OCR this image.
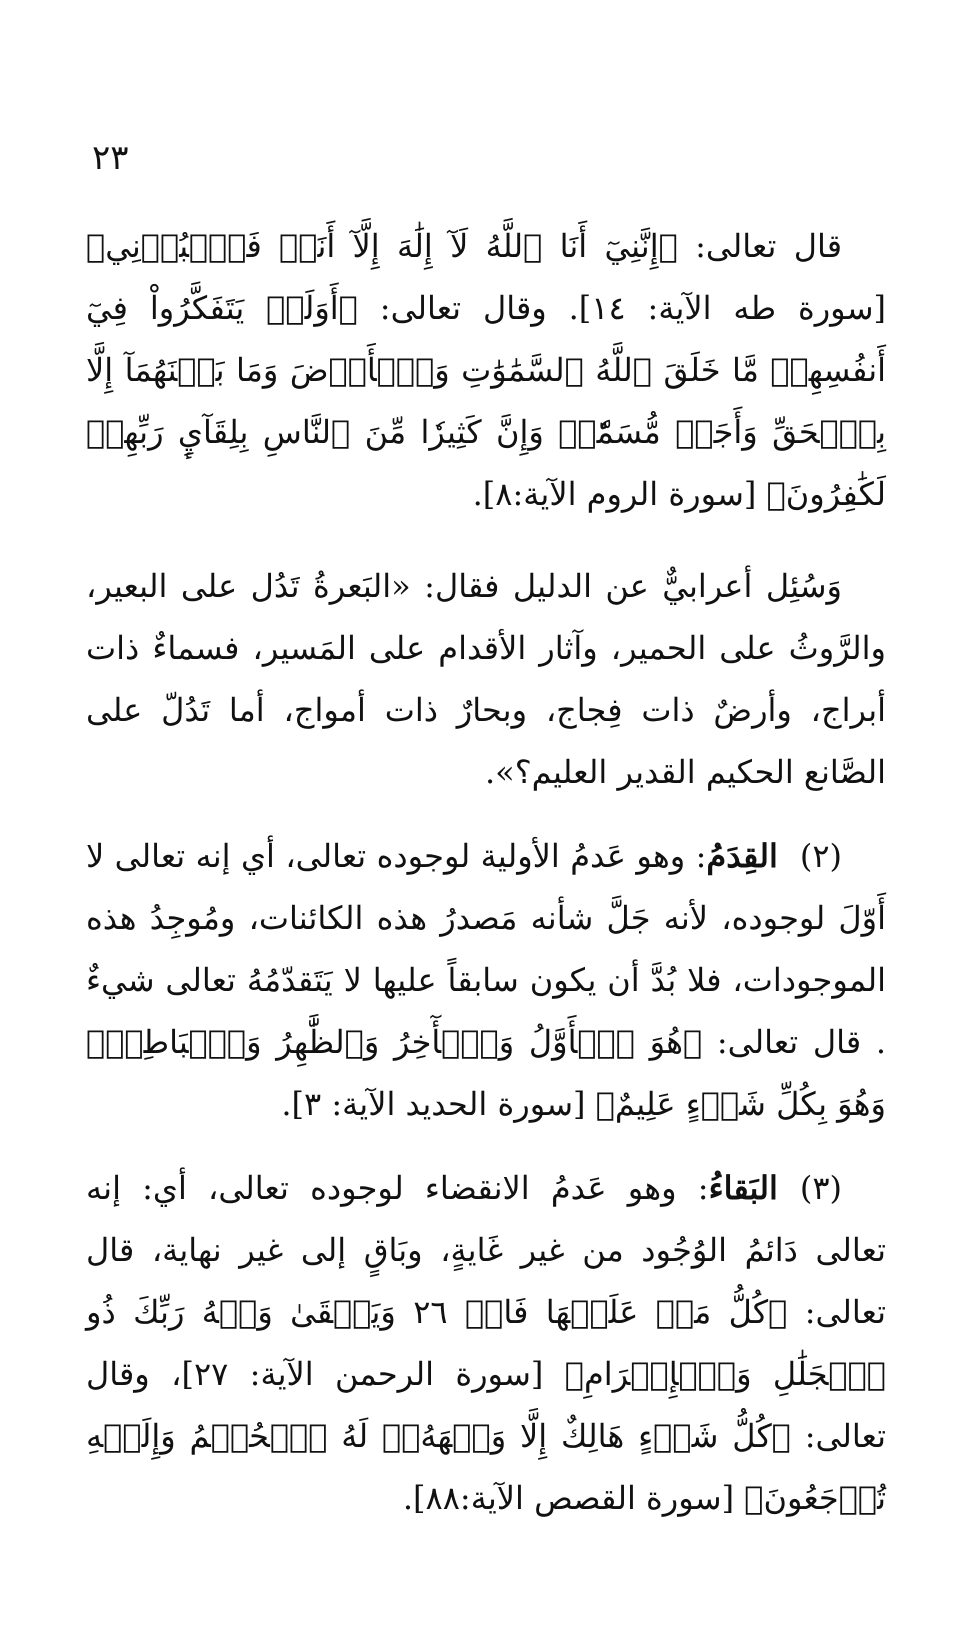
٢٣

قال تعالى: ﴿إِنَّنِيٓ أَنَا ٱللَّهُ لَآ إِلَٰهَ إِلَّآ أَنَا۠ فَٱعۡبُدۡنِي﴾[سورة طه الآية: ١٤]. وقال تعالى: ﴿أَوَلَمۡ يَتَفَكَّرُواْ فِيٓ أَنفُسِهِمۗ مَّا خَلَقَ ٱللَّهُ ٱلسَّمَٰوَٰتِ وَٱلۡأَرۡضَ وَمَا بَيۡنَهُمَآ إِلَّا بِٱلۡحَقِّ وَأَجَلٖ مُّسَمّٗىۗ وَإِنَّ كَثِيرٗا مِّنَ ٱلنَّاسِ بِلِقَآيِٕ رَبِّهِمۡ لَكَٰفِرُونَ﴾ [سورة الروم الآية:٨].

وَسُئِل أعرابيٌّ عن الدليل فقال: «البَعرةُ تَدُل على البعير، والرَّوثُ على الحمير، وآثار الأقدام على المَسير، فسماءٌ ذات أبراج، وأرضٌ ذات فِجاج، وبحارٌ ذات أمواج، أما تَدُلّ على الصَّانع الحكيم القدير العليم؟».

(٢)القِدَمُ: وهو عَدمُ الأولية لوجوده تعالى، أي إنه تعالى لا أَوّلَ لوجوده، لأنه جَلَّ شأنه مَصدرُ هذه الكائنات، ومُوجِدُ هذه الموجودات، فلا بُدَّ أن يكون سابقاً عليها لا يَتَقدّمُهُ تعالى شيءٌ . قال تعالى: ﴿هُوَ ٱلۡأَوَّلُ وَٱلۡأٓخِرُ وَٱلظَّٰهِرُ وَٱلۡبَاطِنُۖ وَهُوَ بِكُلِّ شَيۡءٍ عَلِيمٌ﴾ [سورة الحديد الآية: ٣].

(٣)البَقاءُ: وهو عَدمُ الانقضاء لوجوده تعالى، أي: إنه تعالى دَائمُ الوُجُود من غير غَايةٍ، وبَاقٍ إلى غير نهاية، قال تعالى: ﴿كُلُّ مَنۡ عَلَيۡهَا فَانٖ ٢٦ وَيَبۡقَىٰ وَجۡهُ رَبِّكَ ذُو ٱلۡجَلَٰلِ وَٱلۡإِكۡرَامِ﴾ [سورة الرحمن الآية: ٢٧]، وقال تعالى: ﴿كُلُّ شَيۡءٍ هَالِكٌ إِلَّا وَجۡهَهُۥۚ لَهُ ٱلۡحُكۡمُ وَإِلَيۡهِ تُرۡجَعُونَ﴾ [سورة القصص الآية:٨٨].
